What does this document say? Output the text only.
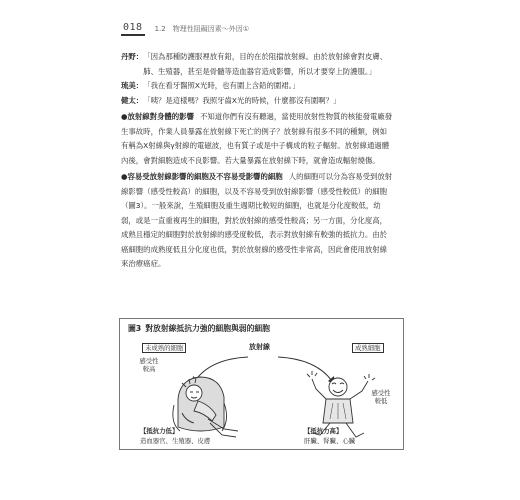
018 1.2　物理性阻礙因素～外因①
丹野： 「因為那種防護服裡放有鉛，目的在於阻擋放射線。由於放射線會對皮膚、肺、生殖器，甚至是骨髓等造血器官造成影響，所以才要穿上防護服。」
琉美： 「我在看牙醫照X光時，也有圍上含鉛的圍裙。」
健太： 「咦？是這樣嗎？我照牙齒X光的時候，什麼都沒有圍啊？」
●放射線對身體的影響 不知道你們有沒有聽過，當使用放射性物質的核能發電廠發生事故時，作業人員暴露在放射線下死亡的例子？放射線有很多不同的種類，例如有稱為X射線與γ射線的電磁波，也有質子或是中子構成的粒子輻射。放射線通過體內後，會對細胞造成不良影響。若大量暴露在放射線下時，就會造成輻射燒傷。
●容易受放射線影響的細胞及不容易受影響的細胞 人的細胞可以分為容易受到放射線影響（感受性較高）的細胞，以及不容易受到放射線影響（感受性較低）的細胞（圖3）。一般來說，生殖細胞及重生週期比較短的細胞，也就是分化度較低，幼弱，或是一直重複再生的細胞，對於放射線的感受性較高；另一方面，分化度高，成熟且穩定的細胞對於放射線的感受度較低，表示對放射線有較強的抵抗力。由於癌細胞的成熟度低且分化度也低，對於放射線的感受性非常高，因此會使用放射線來治療癌症。
圖3 對放射線抵抗力強的細胞與弱的細胞
放射線
未成熟的細胞
感受性較高
【抵抗力低】
造血器官、生殖器、皮膚
成熟細胞
感受性較低
【抵抗力高】
肝臟、腎臟、心臟
